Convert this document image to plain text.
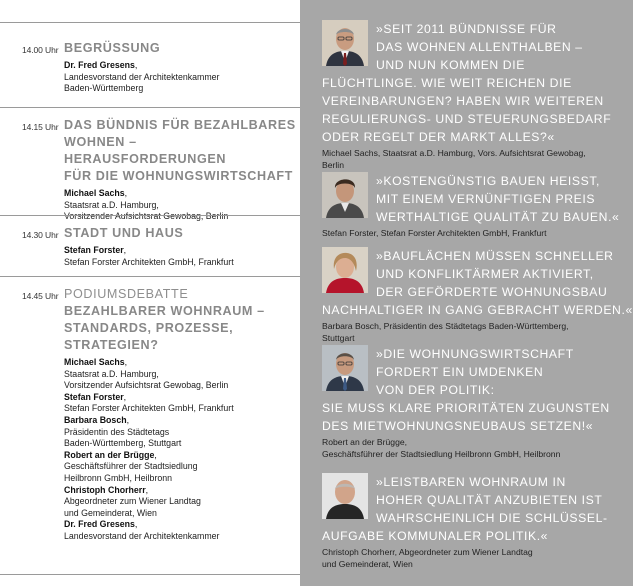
14.00 Uhr BEGRÜSSUNG
Dr. Fred Gresens,
Landesvorstand der Architektenkammer
Baden-Württemberg
14.15 Uhr DAS BÜNDNIS FÜR BEZAHLBARES
WOHNEN – HERAUSFORDERUNGEN
FÜR DIE WOHNUNGSWIRTSCHAFT
Michael Sachs,
Staatsrat a.D. Hamburg,
Vorsitzender Aufsichtsrat Gewobag, Berlin
14.30 Uhr STADT UND HAUS
Stefan Forster,
Stefan Forster Architekten GmbH, Frankfurt
14.45 Uhr PODIUMSDEBATTE
BEZAHLBARER WOHNRAUM –
STANDARDS, PROZESSE, STRATEGIEN?
Michael Sachs,
Staatsrat a.D. Hamburg,
Vorsitzender Aufsichtsrat Gewobag, Berlin
Stefan Forster,
Stefan Forster Architekten GmbH, Frankfurt
Barbara Bosch,
Präsidentin des Städtetags
Baden-Württemberg, Stuttgart
Robert an der Brügge,
Geschäftsführer der Stadtsiedlung
Heilbronn GmbH, Heilbronn
Christoph Chorherr,
Abgeordneter zum Wiener Landtag
und Gemeinderat, Wien
Dr. Fred Gresens,
Landesvorstand der Architektenkammer
»SEIT 2011 BÜNDNISSE FÜR
DAS WOHNEN ALLENTHALBEN –
UND NUN KOMMEN DIE
FLÜCHTLINGE. WIE WEIT REICHEN DIE
VEREINBARUNGEN? HABEN WIR WEITEREN
REGULIERUNGS- UND STEUERUNGSBEDARF
ODER REGELT DER MARKT ALLES?«
Michael Sachs, Staatsrat a.D. Hamburg, Vors. Aufsichtsrat Gewobag, Berlin
»KOSTENGÜNSTIG BAUEN HEISST,
MIT EINEM VERNÜNFTIGEN PREIS
WERTHALTIGE QUALITÄT ZU BAUEN.«
Stefan Forster, Stefan Forster Architekten GmbH, Frankfurt
»BAUFLÄCHEN MÜSSEN SCHNELLER
UND KONFLIKTÄRMER AKTIVIERT,
DER GEFÖRDERTE WOHNUNGSBAU
NACHHALTIGER IN GANG GEBRACHT WERDEN.«
Barbara Bosch, Präsidentin des Städtetags Baden-Württemberg, Stuttgart
»DIE WOHNUNGSWIRTSCHAFT
FORDERT EIN UMDENKEN
VON DER POLITIK:
SIE MUSS KLARE PRIORITÄTEN ZUGUNSTEN
DES MIETWOHNUNGSNEUBAUS SETZEN!«
Robert an der Brügge,
Geschäftsführer der Stadtsiedlung Heilbronn GmbH, Heilbronn
»LEISTBAREN WOHNRAUM IN
HOHER QUALITÄT ANZUBIETEN IST
WAHRSCHEINLICH DIE SCHLÜSSEL-
AUFGABE KOMMUNALER POLITIK.«
Christoph Chorherr, Abgeordneter zum Wiener Landtag
und Gemeinderat, Wien
